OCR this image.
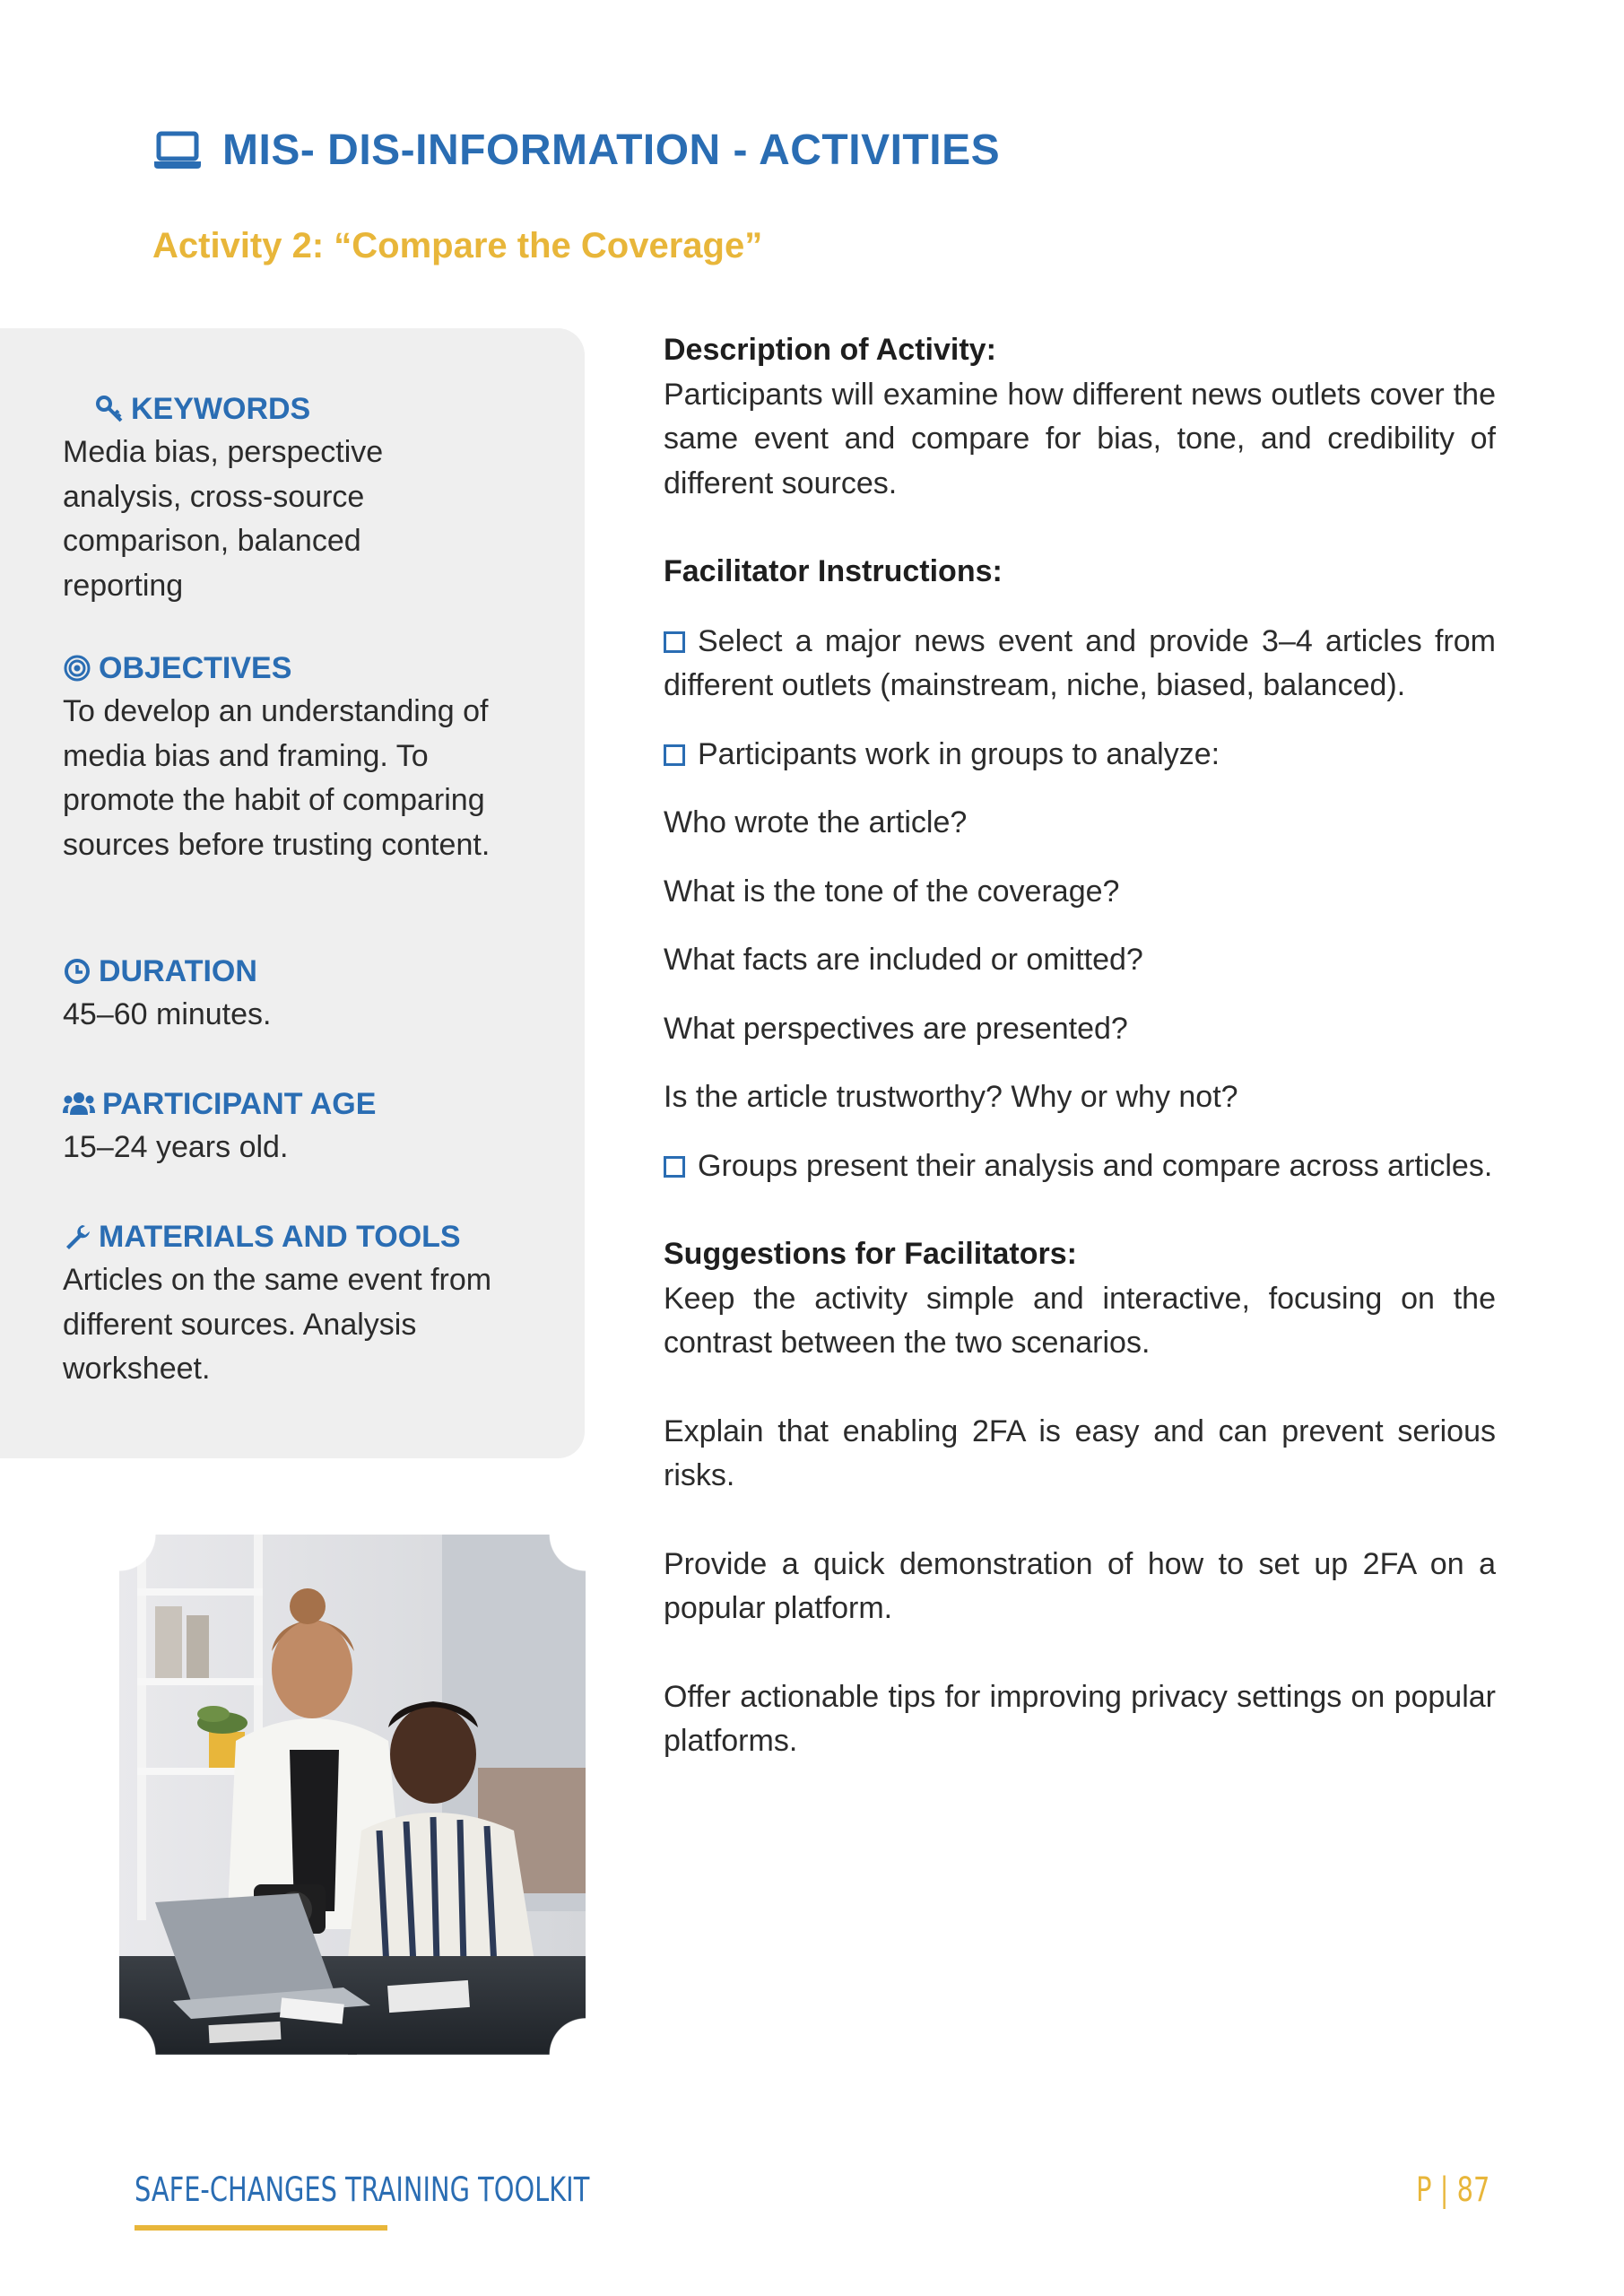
MIS- DIS-INFORMATION - ACTIVITIES
Activity 2: “Compare the Coverage”
KEYWORDS
Media bias, perspective analysis, cross-source comparison, balanced reporting
OBJECTIVES
To develop an understanding of media bias and framing. To promote the habit of comparing sources before trusting content.
DURATION
45–60 minutes.
PARTICIPANT AGE
15–24 years old.
MATERIALS AND TOOLS
Articles on the same event from different sources. Analysis worksheet.

Description of Activity:

Participants will examine how different news outlets cover the same event and compare for bias, tone, and credibility of different sources.

Facilitator Instructions:

Select a major news event and provide 3–4 articles from different outlets (mainstream, niche, biased, balanced).

Participants work in groups to analyze:

Who wrote the article?

What is the tone of the coverage?

What facts are included or omitted?

What perspectives are presented?

Is the article trustworthy? Why or why not?

Groups present their analysis and compare across articles.

Suggestions for Facilitators:

Keep the activity simple and interactive, focusing on the contrast between the two scenarios.

Explain that enabling 2FA is easy and can prevent serious risks.

Provide a quick demonstration of how to set up 2FA on a popular platform.

Offer actionable tips for improving privacy settings on popular platforms.

SAFE-CHANGES TRAINING TOOLKIT	P | 87
